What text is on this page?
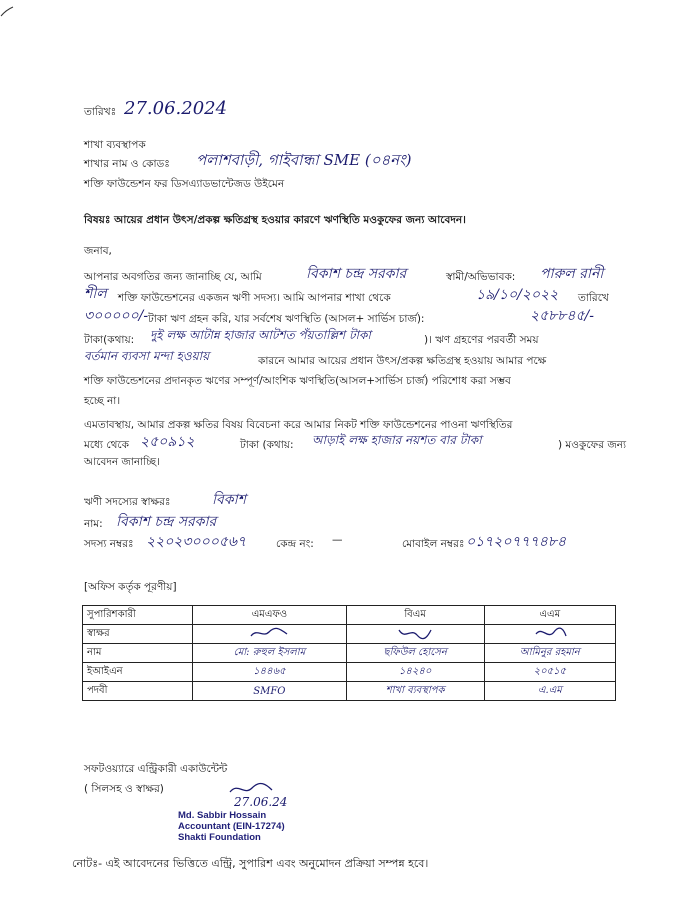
তারিখঃ 27.06.2024
শাখা ব্যবস্থাপক
শাখার নাম ও কোডঃ পলাশবাড়ী, গাইবান্ধা SME (০৪নং)
শক্তি ফাউন্ডেশন ফর ডিসএ্যাডভান্টেজড উইমেন
বিষয়ঃ আয়ের প্রধান উৎস/প্রকল্প ক্ষতিগ্রস্থ হওয়ার কারণে ঋণস্থিতি মওকুফের জন্য আবেদন।
জনাব,
আপনার অবগতির জন্য জানাচ্ছি যে, আমি	বিকাশ চন্দ্র সরকার	স্বামী/অভিভাবক: পারুল রানী
শীল শক্তি ফাউন্ডেশনের একজন ঋণী সদস্য। আমি আপনার শাখা থেকে	১৯/১০/২০২২ তারিখে
৩০০০০০/- টাকা ঋণ গ্রহন করি, যার সর্বশেষ ঋণস্থিতি (আসল+ সার্ভিস চার্জ):	২৫৮৮৪৫/-
টাকা(কথায়: দুই লক্ষ আটান্ন হাজার আটশত পঁয়তাল্লিশ টাকা	)। ঋণ গ্রহণের পরবর্তী সময়
বর্তমান ব্যবসা মন্দা হওয়ায়	কারনে আমার আয়ের প্রধান উৎস/প্রকল্প ক্ষতিগ্রস্থ হওয়ায় আমার পক্ষে
শক্তি ফাউন্ডেশনের প্রদানকৃত ঋণের সম্পূর্ণ/আংশিক ঋণস্থিতি(আসল+সার্ভিস চার্জ) পরিশোধ করা সম্ভব
হচ্ছে না।
এমতাবস্থায়, আমার প্রকল্প ক্ষতির বিষয় বিবেচনা করে আমার নিকট শক্তি ফাউন্ডেশনের পাওনা ঋণস্থিতির
মধ্যে থেকে ২৫০৯১২	টাকা (কথায়: আড়াই লক্ষ হাজার নয়শত বার টাকা	) মওকুফের জন্য
আবেদন জানাচ্ছি।
ঋণী সদস্যের স্বাক্ষরঃ	বিকাশ
নাম: বিকাশ চন্দ্র সরকার
সদস্য নম্বরঃ ২২০২৩০০০৫৬৭	কেন্দ্র নং: —	মোবাইল নম্বরঃ ০১৭২০৭৭৭৪৮৪
[অফিস কর্তৃক পূরণীয়]
সুপারিশকারী	এমএফও	বিএম	এএম
স্বাক্ষর			
নাম	মো: রুহুল ইসলাম	ছফিউল হোসেন	আমিনুর রহমান
ইআইএন	১৪৪৬৫	১৪২৪০	২০৫১৫
পদবী	SMFO	শাখা ব্যবস্থাপক	এ.এম
সফটওয়্যারে এন্ট্রিকারী একাউন্টেন্ট
( সিলসহ ও স্বাক্ষর)
27.06.24
Md. Sabbir Hossain
Accountant (EIN-17274)
Shakti Foundation
নোটঃ- এই আবেদনের ভিত্তিতে এন্ট্রি, সুপারিশ এবং অনুমোদন প্রক্রিয়া সম্পন্ন হবে।
